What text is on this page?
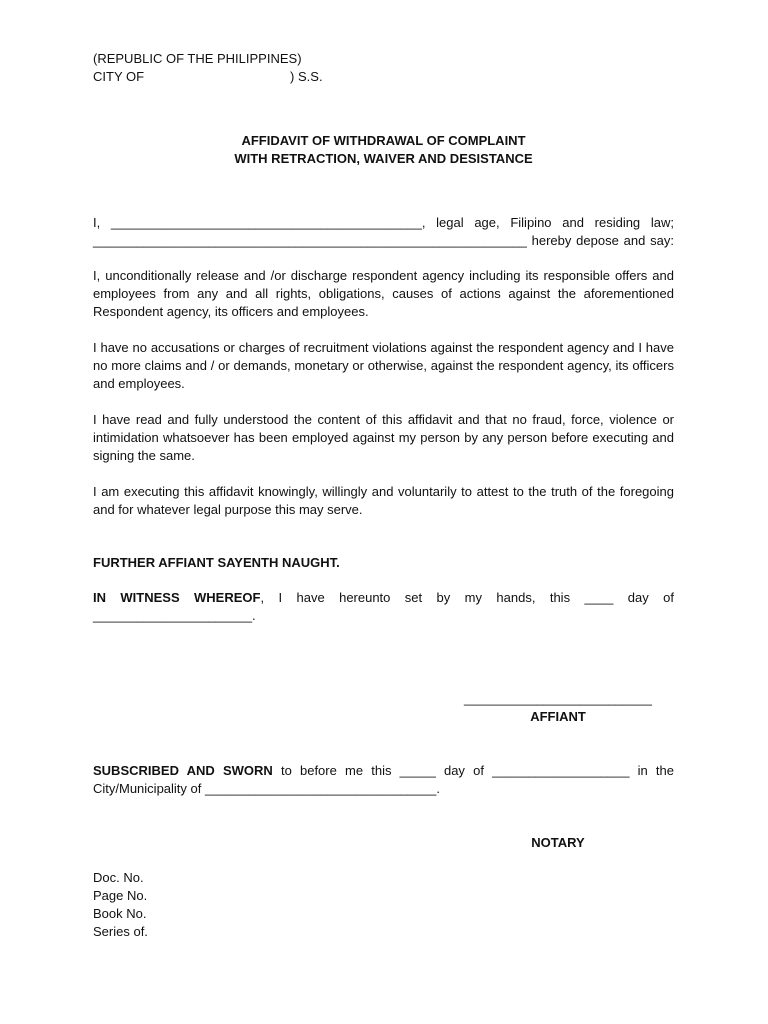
(REPUBLIC OF THE PHILIPPINES)
CITY OF	) S.S.
AFFIDAVIT OF WITHDRAWAL OF COMPLAINT
WITH RETRACTION, WAIVER AND DESISTANCE
I, ___________________________________________, legal age, Filipino and residing law;
____________________________________________________________ hereby depose and say:
I, unconditionally release and /or discharge respondent agency including its responsible offers and employees from any and all rights, obligations, causes of actions against the aforementioned Respondent agency, its officers and employees.
I have no accusations or charges of recruitment violations against the respondent agency and I have no more claims and / or demands, monetary or otherwise, against the respondent agency, its officers and employees.
I have read and fully understood the content of this affidavit and that no fraud, force, violence or intimidation whatsoever has been employed against my person by any person before executing and signing the same.
I am executing this affidavit knowingly, willingly and voluntarily to attest to the truth of the foregoing and for whatever legal purpose this may serve.
FURTHER AFFIANT SAYENTH NAUGHT.
IN WITNESS WHEREOF, I have hereunto set by my hands, this ____ day of
______________________.
__________________________
AFFIANT
SUBSCRIBED AND SWORN to before me this _____ day of ___________________ in the
City/Municipality of ________________________________.
NOTARY
Doc. No.
Page No.
Book No.
Series of.
